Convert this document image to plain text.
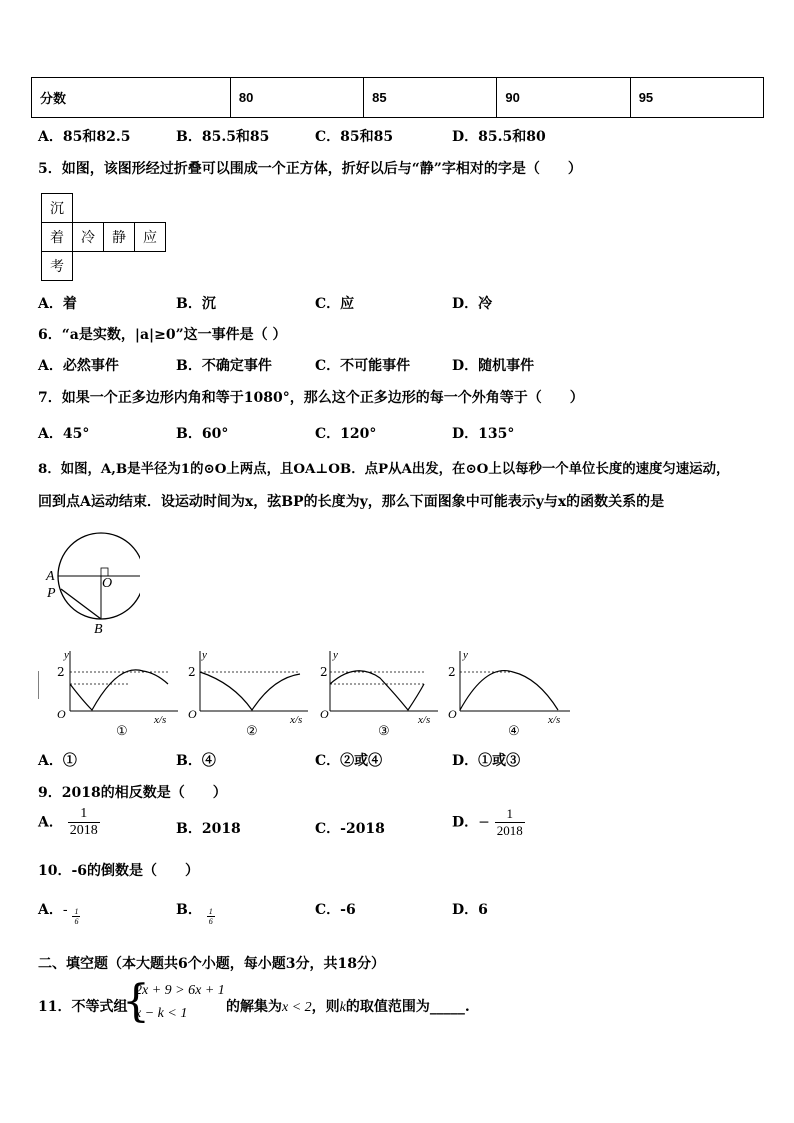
分数	80	85	90	95
A．85和82.5	B．85.5和85	C．85和85	D．85.5和80
5．如图，该图形经过折叠可以围成一个正方体，折好以后与“静”字相对的字是（　　）
沉			
着	冷	静	应
考			
A．着	B．沉	C．应	D．冷
6．“a是实数，|a|≥0”这一事件是（ ）
A．必然事件	B．不确定事件	C．不可能事件	D．随机事件
7．如果一个正多边形内角和等于1080°，那么这个正多边形的每一个外角等于（　　）
A．45°	B．60°	C．120°	D．135°
8．如图，A,B是半径为1的⊙O上两点，且OA⊥OB．点P从A出发，在⊙O上以每秒一个单位长度的速度匀速运动，
回到点A运动结束．设运动时间为x，弦BP的长度为y，那么下面图象中可能表示y与x的函数关系的是
A	O
P
B
y
2
O	x/s
①
y
2
O	x/s
②
y
2
O	x/s
③
y
2
O	x/s
④
A．①	B．④	C．②或④	D．①或③
9．2018的相反数是（　　）
A． $\frac{1}{2018}$	B．2018	C．-2018	D．− $\frac{1}{2018}$
10．-6的倒数是（　　）
A．- $\frac{1}{6}$	B． $\frac{1}{6}$	C．-6	D．6
二、填空题（本大题共6个小题，每小题3分，共18分）
11．不等式组
{
2x + 9 > 6x + 1
x − k < 1	的解集为x < 2，则k的取值范围为_____.
